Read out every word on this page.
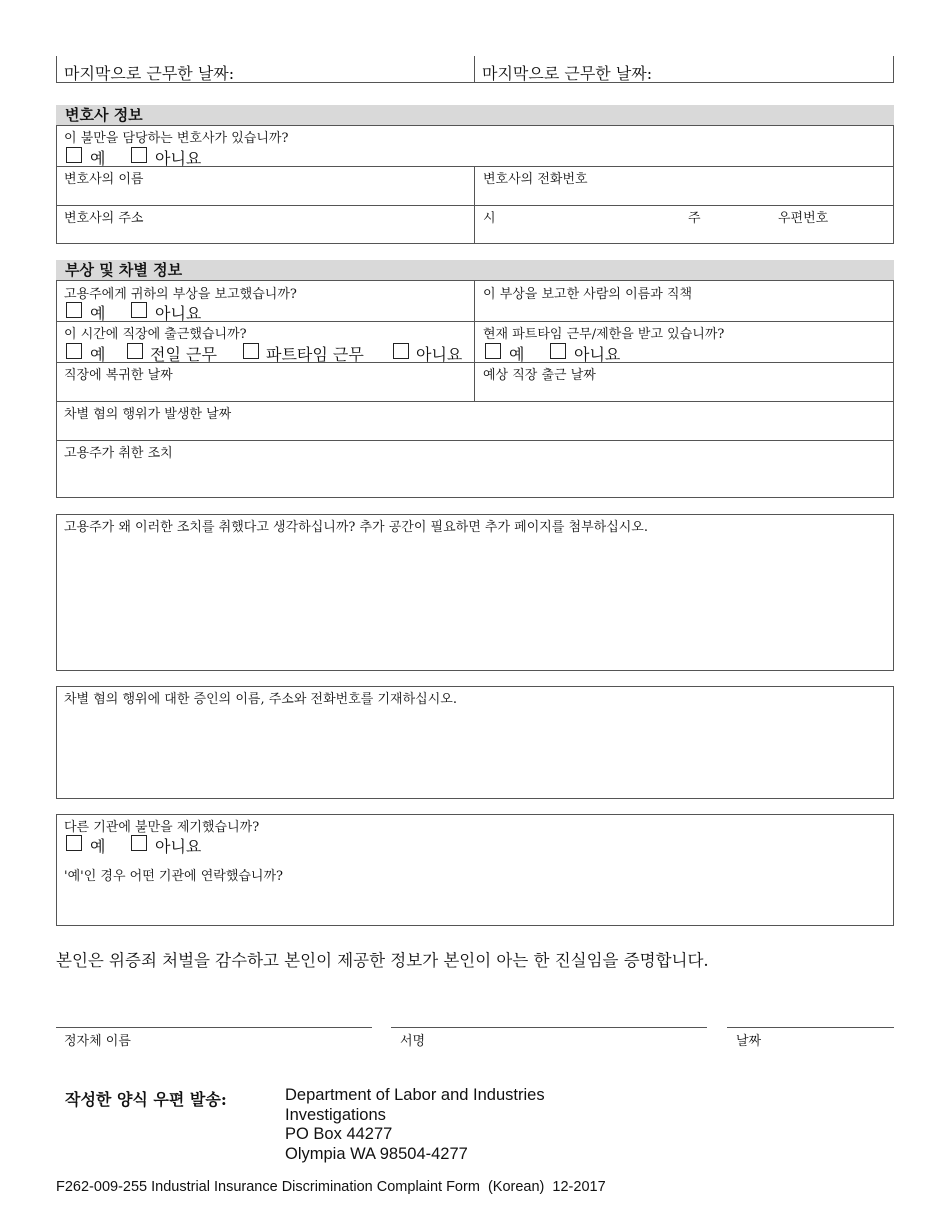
마지막으로 근무한 날짜:	마지막으로 근무한 날짜:
변호사 정보
이 불만을 담당하는 변호사가 있습니까?
예	아니요
변호사의 이름	변호사의 전화번호
변호사의 주소	시	주	우편번호
부상 및 차별 정보
고용주에게 귀하의 부상을 보고했습니까?
예	아니요
이 부상을 보고한 사람의 이름과 직책
이 시간에 직장에 출근했습니까?
예	전일 근무	파트타임 근무	아니요
현재 파트타임 근무/제한을 받고 있습니까?
예	아니요
직장에 복귀한 날짜	예상 직장 출근 날짜
차별 혐의 행위가 발생한 날짜
고용주가 취한 조치
고용주가 왜 이러한 조치를 취했다고 생각하십니까? 추가 공간이 필요하면 추가 페이지를 첨부하십시오.
차별 혐의 행위에 대한 증인의 이름, 주소와 전화번호를 기재하십시오.
다른 기관에 불만을 제기했습니까?
예	아니요
'예'인 경우 어떤 기관에 연락했습니까?
본인은 위증죄 처벌을 감수하고 본인이 제공한 정보가 본인이 아는 한 진실임을 증명합니다.
정자체 이름	서명	날짜
작성한 양식 우편 발송:	Department of Labor and Industries
Investigations
PO Box 44277
Olympia WA 98504-4277
F262-009-255 Industrial Insurance Discrimination Complaint Form  (Korean)  12-2017
